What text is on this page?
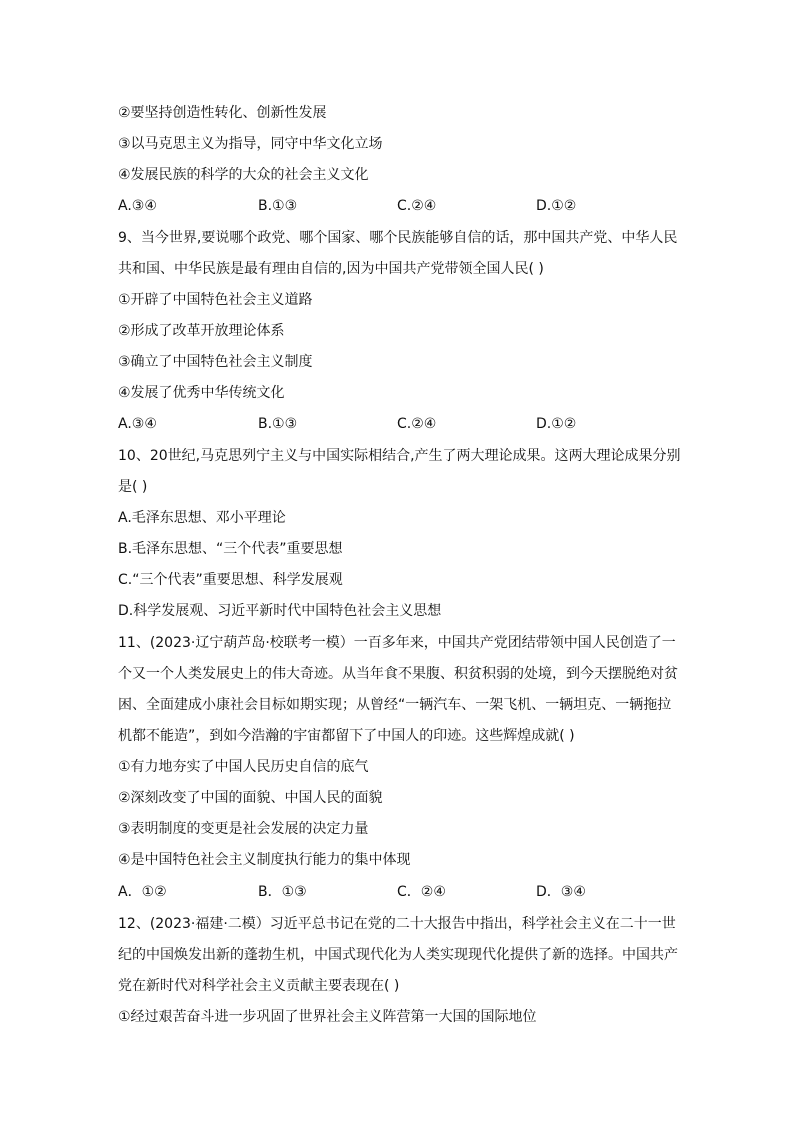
②要坚持创造性转化、创新性发展
③以马克思主义为指导，同守中华文化立场
④发展民族的科学的大众的社会主义文化
A.③④	B.①③	C.②④	D.①②
9、当今世界,要说哪个政党、哪个国家、哪个民族能够自信的话，那中国共产党、中华人民
共和国、中华民族是最有理由自信的,因为中国共产党带领全国人民( )
①开辟了中国特色社会主义道路
②形成了改革开放理论体系
③确立了中国特色社会主义制度
④发展了优秀中华传统文化
A.③④	B.①③	C.②④	D.①②
10、20世纪,马克思列宁主义与中国实际相结合,产生了两大理论成果。这两大理论成果分别
是( )
A.毛泽东思想、邓小平理论
B.毛泽东思想、“三个代表”重要思想
C.“三个代表”重要思想、科学发展观
D.科学发展观、习近平新时代中国特色社会主义思想
11、(2023·辽宁葫芦岛·校联考一模）一百多年来，中国共产党团结带领中国人民创造了一
个又一个人类发展史上的伟大奇迹。从当年食不果腹、积贫积弱的处境，到今天摆脱绝对贫
困、全面建成小康社会目标如期实现；从曾经“一辆汽车、一架飞机、一辆坦克、一辆拖拉
机都不能造”，到如今浩瀚的宇宙都留下了中国人的印迹。这些辉煌成就( )
①有力地夯实了中国人民历史自信的底气
②深刻改变了中国的面貌、中国人民的面貌
③表明制度的变更是社会发展的决定力量
④是中国特色社会主义制度执行能力的集中体现
A．①②	B．①③	C．②④	D．③④
12、(2023·福建·二模）习近平总书记在党的二十大报告中指出，科学社会主义在二十一世
纪的中国焕发出新的蓬勃生机，中国式现代化为人类实现现代化提供了新的选择。中国共产
党在新时代对科学社会主义贡献主要表现在( )
①经过艰苦奋斗进一步巩固了世界社会主义阵营第一大国的国际地位
